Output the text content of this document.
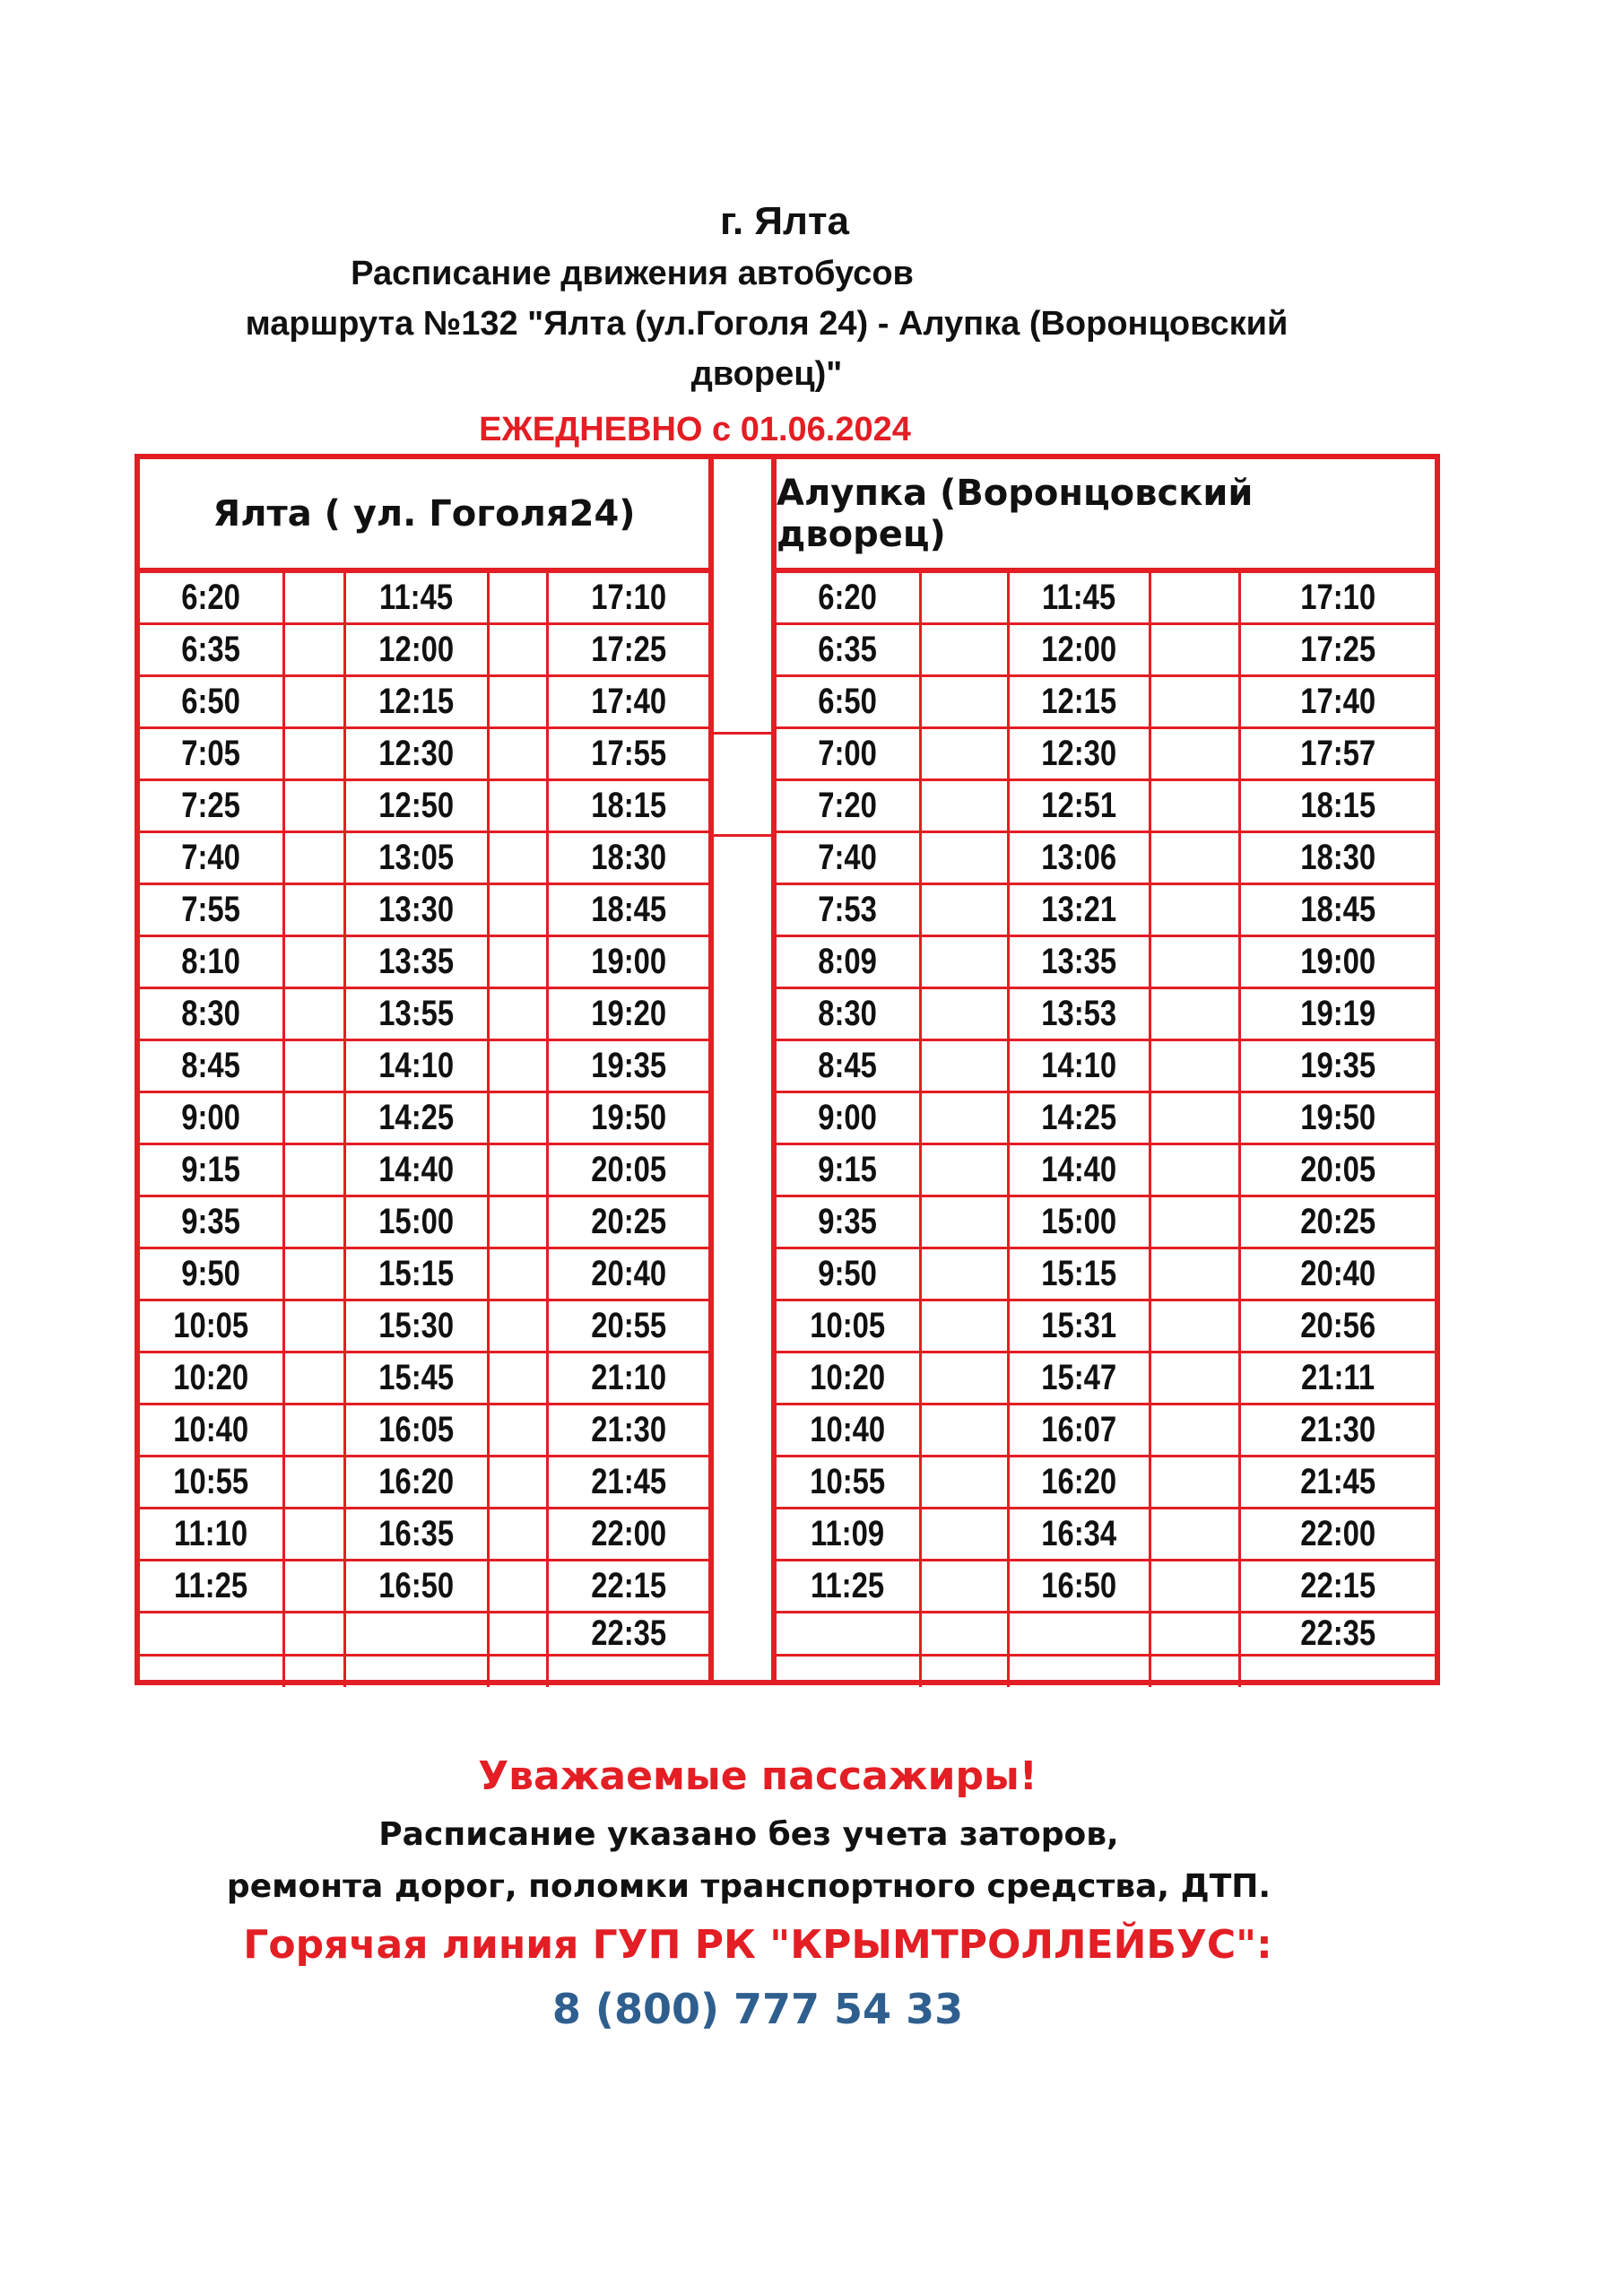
г. Ялта
Расписание движения автобусов
маршрута №132 "Ялта (ул.Гоголя 24) - Алупка (Воронцовский
дворец)"
ЕЖЕДНЕВНО с 01.06.2024
Ялта ( ул. Гоголя24)
6:20		11:45		17:10
6:35		12:00		17:25
6:50		12:15		17:40
7:05		12:30		17:55
7:25		12:50		18:15
7:40		13:05		18:30
7:55		13:30		18:45
8:10		13:35		19:00
8:30		13:55		19:20
8:45		14:10		19:35
9:00		14:25		19:50
9:15		14:40		20:05
9:35		15:00		20:25
9:50		15:15		20:40
10:05		15:30		20:55
10:20		15:45		21:10
10:40		16:05		21:30
10:55		16:20		21:45
11:10		16:35		22:00
11:25		16:50		22:15
				22:35

Алупка (Воронцовский дворец)
6:20		11:45		17:10
6:35		12:00		17:25
6:50		12:15		17:40
7:00		12:30		17:57
7:20		12:51		18:15
7:40		13:06		18:30
7:53		13:21		18:45
8:09		13:35		19:00
8:30		13:53		19:19
8:45		14:10		19:35
9:00		14:25		19:50
9:15		14:40		20:05
9:35		15:00		20:25
9:50		15:15		20:40
10:05		15:31		20:56
10:20		15:47		21:11
10:40		16:07		21:30
10:55		16:20		21:45
11:09		16:34		22:00
11:25		16:50		22:15
				22:35

Уважаемые пассажиры!
Расписание указано без учета заторов,
ремонта дорог, поломки транспортного средства, ДТП.
Горячая линия ГУП РК "КРЫМТРОЛЛЕЙБУС":
8 (800) 777 54 33
